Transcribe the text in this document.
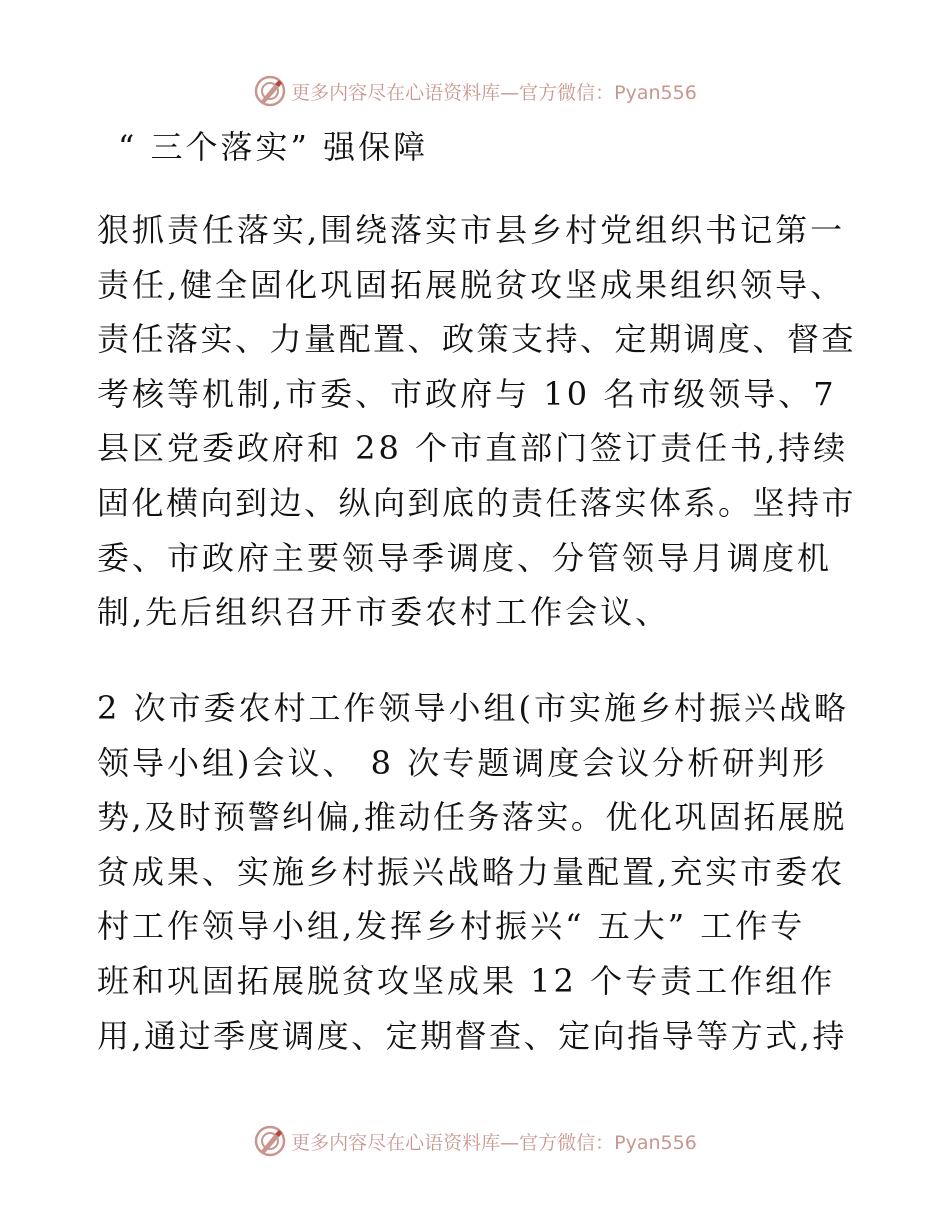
更多内容尽在心语资料库—官方微信：Pyan556
“ 三个落实” 强保障
狠抓责任落实,围绕落实市县乡村党组织书记第一
责任,健全固化巩固拓展脱贫攻坚成果组织领导、
责任落实、力量配置、政策支持、定期调度、督查
考核等机制,市委、市政府与 10 名市级领导、7
县区党委政府和 28 个市直部门签订责任书,持续
固化横向到边、纵向到底的责任落实体系。坚持市
委、市政府主要领导季调度、分管领导月调度机
制,先后组织召开市委农村工作会议、
2 次市委农村工作领导小组(市实施乡村振兴战略
领导小组)会议、 8 次专题调度会议分析研判形
势,及时预警纠偏,推动任务落实。优化巩固拓展脱
贫成果、实施乡村振兴战略力量配置,充实市委农
村工作领导小组,发挥乡村振兴“ 五大” 工作专
班和巩固拓展脱贫攻坚成果 12 个专责工作组作
用,通过季度调度、定期督查、定向指导等方式,持
更多内容尽在心语资料库—官方微信：Pyan556
